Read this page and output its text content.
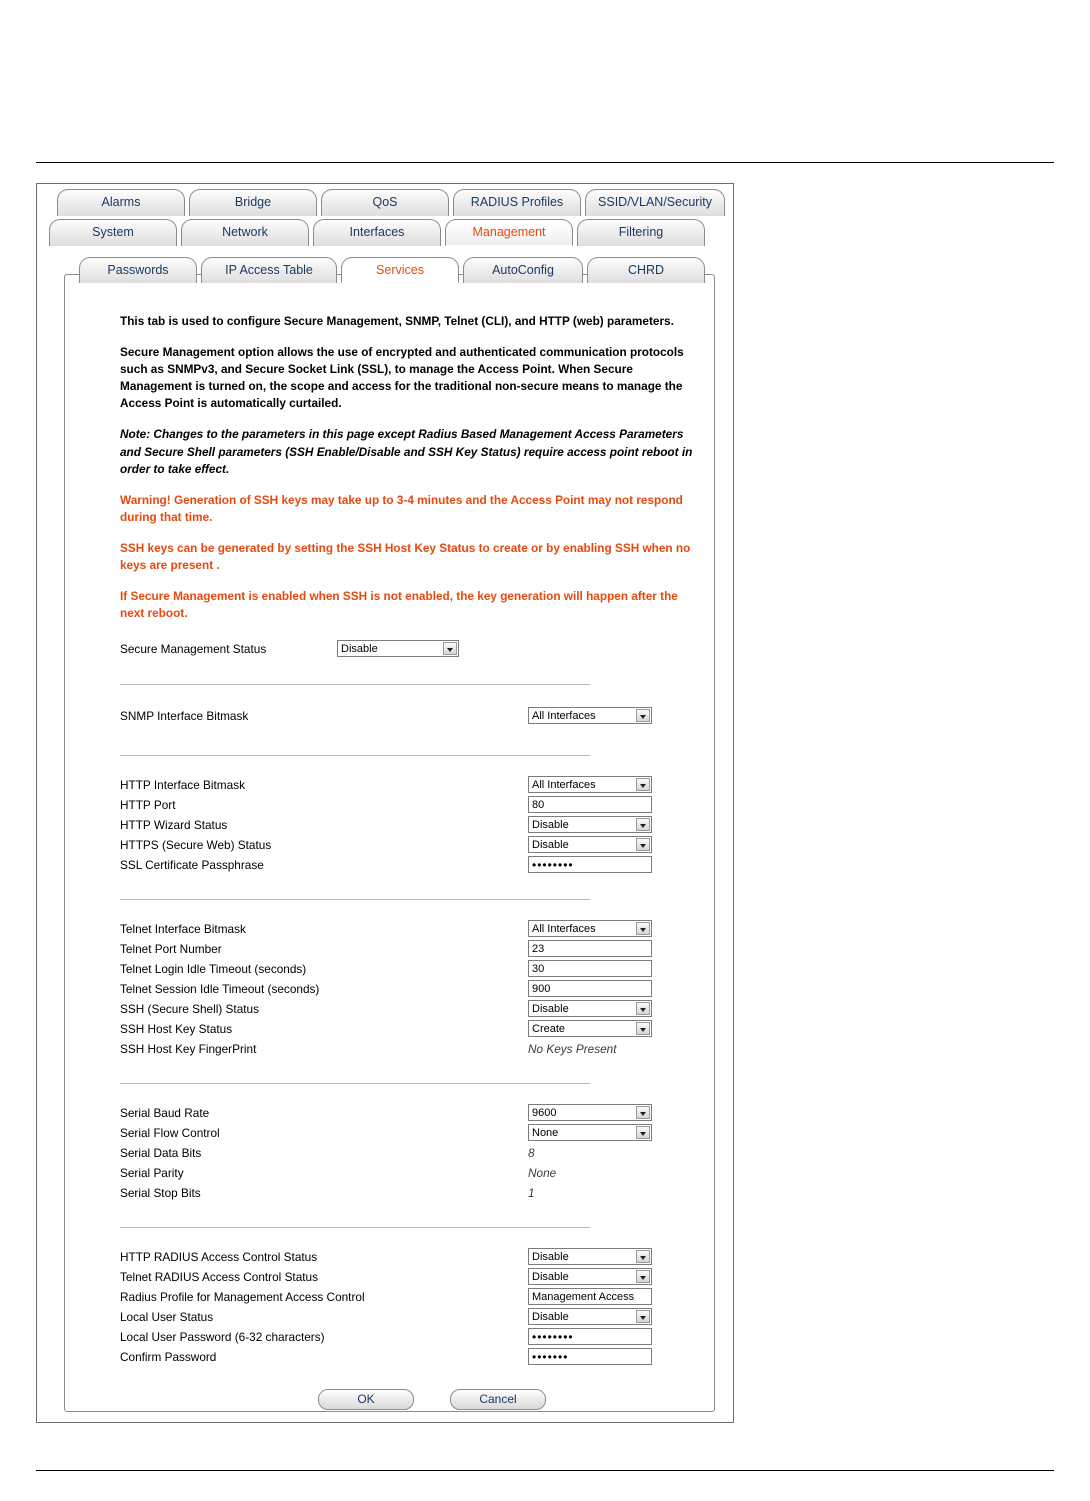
Alarms	Bridge	QoS	RADIUS Profiles	SSID/VLAN/Security
System	Network	Interfaces	Management	Filtering
Passwords	IP Access Table	Services	AutoConfig	CHRD

This tab is used to configure Secure Management, SNMP, Telnet (CLI), and HTTP (web) parameters.

Secure Management option allows the use of encrypted and authenticated communication protocols such as SNMPv3, and Secure Socket Link (SSL), to manage the Access Point. When Secure Management is turned on, the scope and access for the traditional non-secure means to manage the Access Point is automatically curtailed.

Note: Changes to the parameters in this page except Radius Based Management Access Parameters and Secure Shell parameters (SSH Enable/Disable and SSH Key Status) require access point reboot in order to take effect.

Warning! Generation of SSH keys may take up to 3-4 minutes and the Access Point may not respond during that time.

SSH keys can be generated by setting the SSH Host Key Status to create or by enabling SSH when no keys are present .

If Secure Management is enabled when SSH is not enabled, the key generation will happen after the next reboot.

Secure Management Status	Disable
SNMP Interface Bitmask	All Interfaces
HTTP Interface Bitmask	All Interfaces
HTTP Port	80
HTTP Wizard Status	Disable
HTTPS (Secure Web) Status	Disable
SSL Certificate Passphrase	••••••••
Telnet Interface Bitmask	All Interfaces
Telnet Port Number	23
Telnet Login Idle Timeout (seconds)	30
Telnet Session Idle Timeout (seconds)	900
SSH (Secure Shell) Status	Disable
SSH Host Key Status	Create
SSH Host Key FingerPrint	No Keys Present
Serial Baud Rate	9600
Serial Flow Control	None
Serial Data Bits	8
Serial Parity	None
Serial Stop Bits	1
HTTP RADIUS Access Control Status	Disable
Telnet RADIUS Access Control Status	Disable
Radius Profile for Management Access Control	Management Access
Local User Status	Disable
Local User Password (6-32 characters)	••••••••
Confirm Password	•••••••
OK	Cancel
